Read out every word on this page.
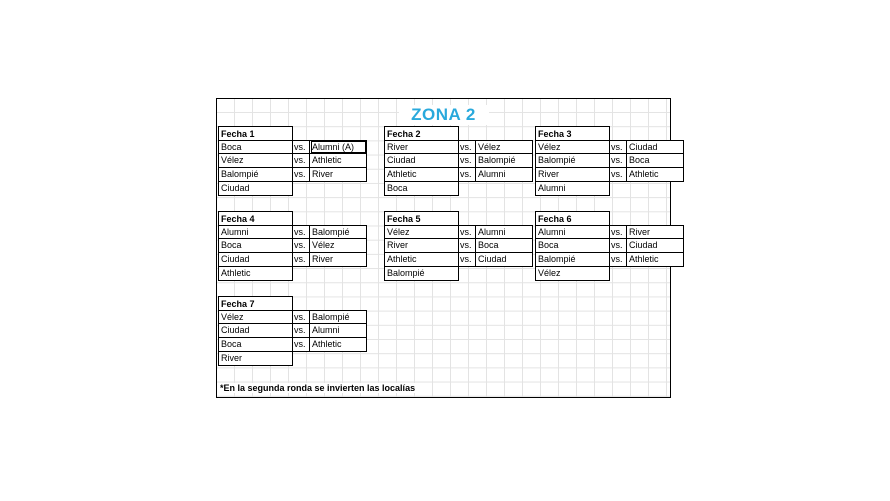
ZONA 2
Fecha 1
Boca	vs. Alumni (A)
Vélez	vs. Athletic
Balompié	vs. River
Ciudad
Fecha 2
River	vs. Vélez
Ciudad	vs. Balompié
Athletic	vs. Alumni
Boca
Fecha 3
Vélez	vs. Ciudad
Balompié	vs. Boca
River	vs. Athletic
Alumni
Fecha 4
Alumni	vs. Balompié
Boca	vs. Vélez
Ciudad	vs. River
Athletic
Fecha 5
Vélez	vs. Alumni
River	vs. Boca
Athletic	vs. Ciudad
Balompié
Fecha 6
Alumni	vs. River
Boca	vs. Ciudad
Balompié	vs. Athletic
Vélez
Fecha 7
Vélez	vs. Balompié
Ciudad	vs. Alumni
Boca	vs. Athletic
River
*En la segunda ronda se invierten las localías
